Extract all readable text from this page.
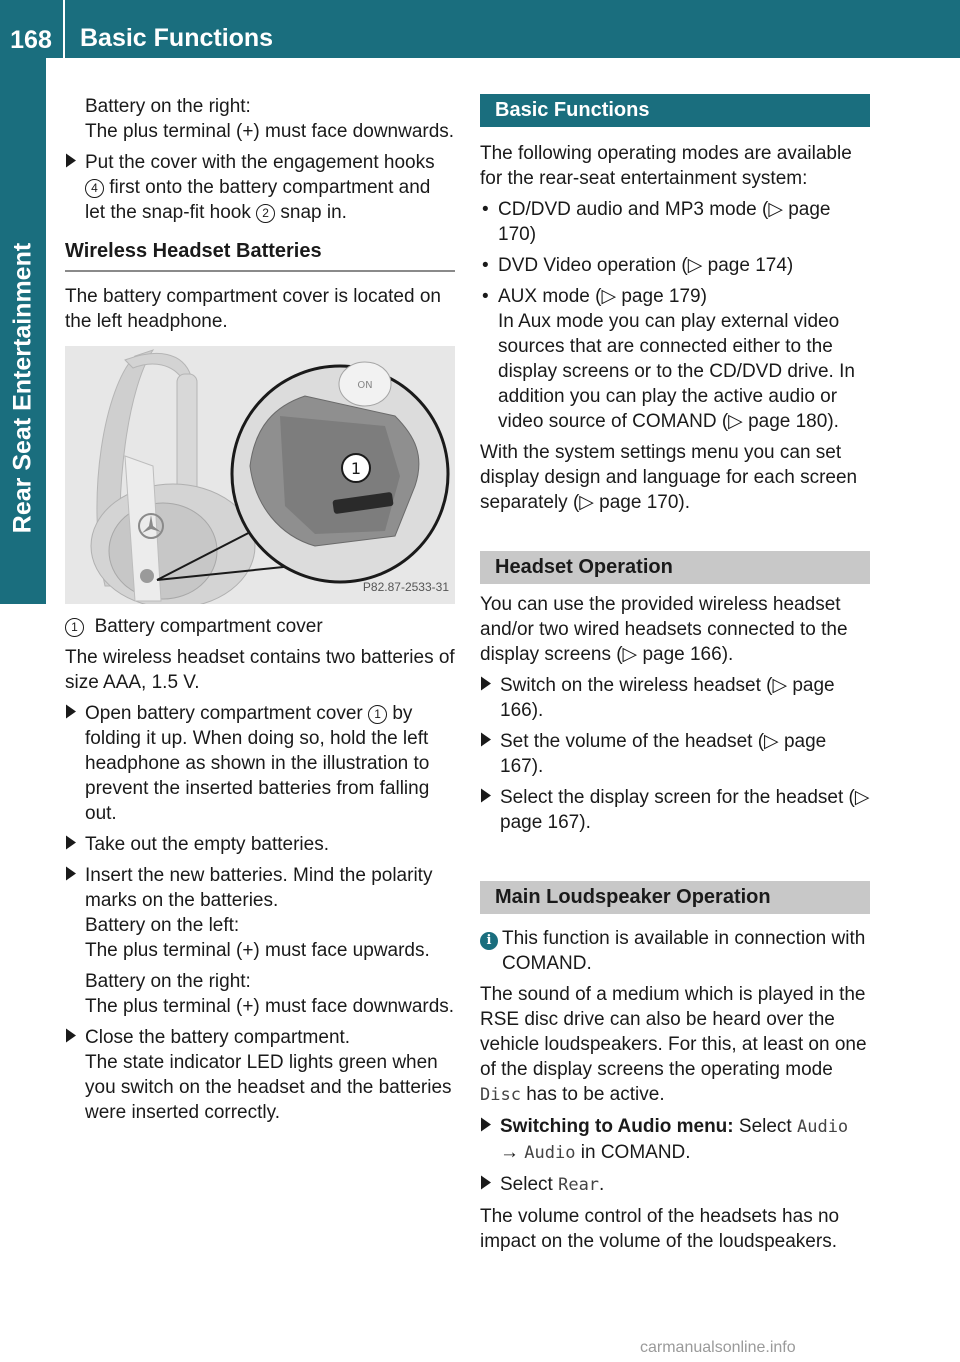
168	Basic Functions
Rear Seat Entertainment
Battery on the right:
The plus terminal (+) must face downwards.
Put the cover with the engagement hooks 4 first onto the battery compartment and let the snap-fit hook 2 snap in.
Wireless Headset Batteries

The battery compartment cover is located on the left headphone.

ON
1
P82.87-2533-31
1 Battery compartment cover

The wireless headset contains two batteries of size AAA, 1.5 V.

Open battery compartment cover 1 by folding it up. When doing so, hold the left headphone as shown in the illustration to prevent the inserted batteries from falling out.
Take out the empty batteries.
Insert the new batteries. Mind the polarity marks on the batteries.
Battery on the left:
The plus terminal (+) must face upwards.
Battery on the right:
The plus terminal (+) must face downwards.
Close the battery compartment.
The state indicator LED lights green when you switch on the headset and the batteries were inserted correctly.
Basic Functions

The following operating modes are available for the rear-seat entertainment system:

• CD/DVD audio and MP3 mode (▷ page 170)
• DVD Video operation (▷ page 174)
• AUX mode (▷ page 179)
In Aux mode you can play external video sources that are connected either to the display screens or to the CD/DVD drive. In addition you can play the active audio or video source of COMAND (▷ page 180).

With the system settings menu you can set display design and language for each screen separately (▷ page 170).

Headset Operation

You can use the provided wireless headset and/or two wired headsets connected to the display screens (▷ page 166).

Switch on the wireless headset (▷ page 166).
Set the volume of the headset (▷ page 167).
Select the display screen for the headset (▷ page 167).
Main Loudspeaker Operation
i This function is available in connection with COMAND.

The sound of a medium which is played in the RSE disc drive can also be heard over the vehicle loudspeakers. For this, at least on one of the display screens the operating mode Disc has to be active.

Switching to Audio menu: Select Audio
→ Audio in COMAND.
Select Rear.

The volume control of the headsets has no impact on the volume of the loudspeakers.

carmanualsonline.info
